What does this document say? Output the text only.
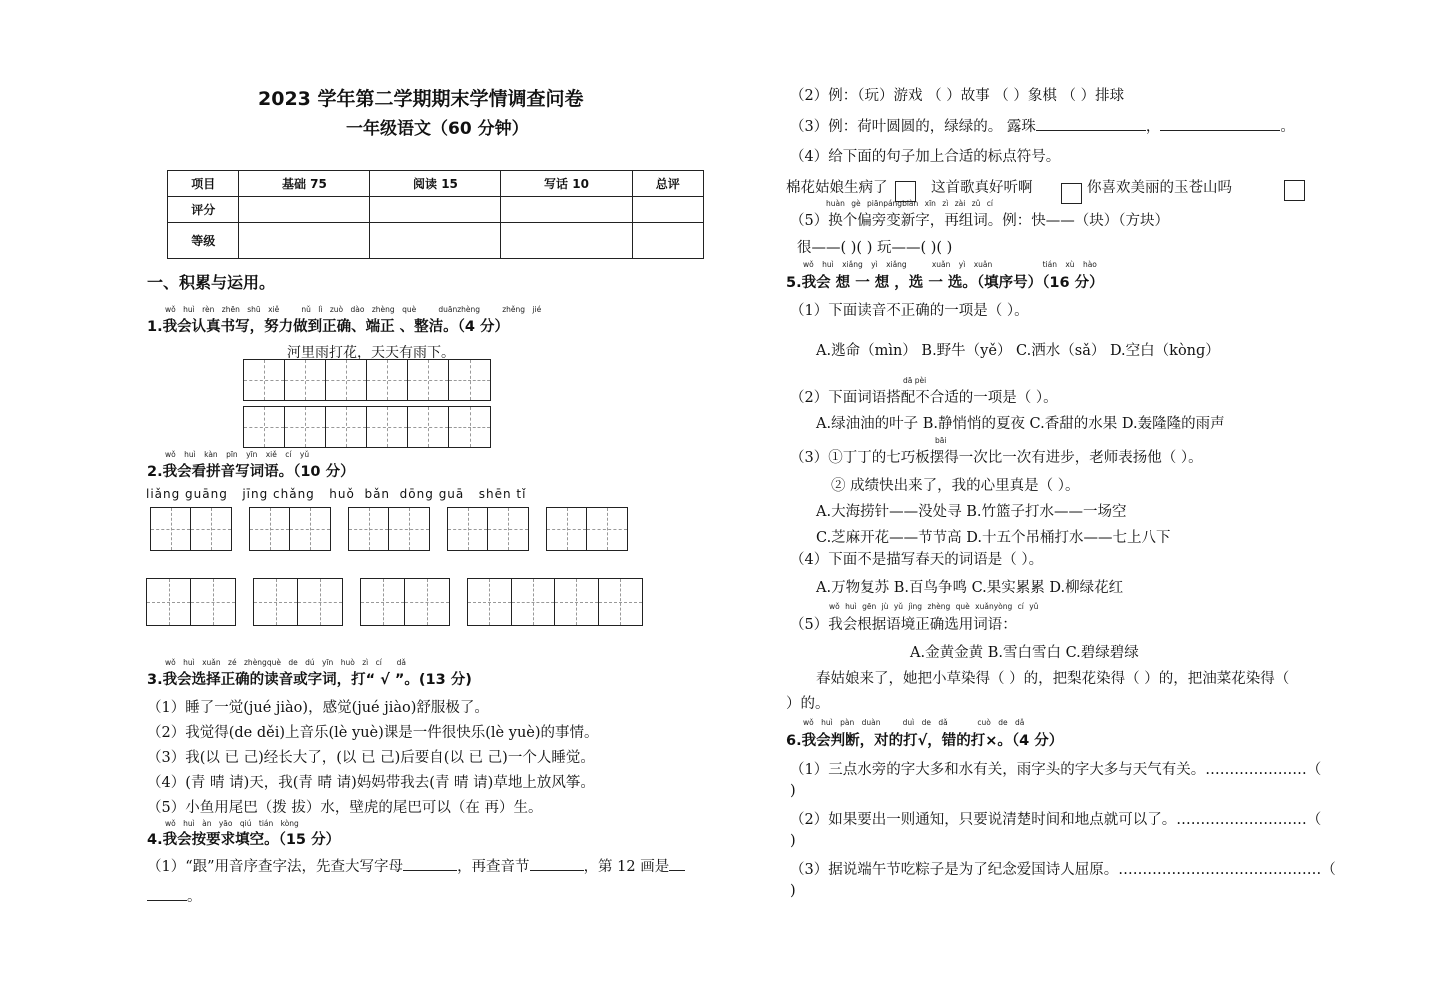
2023 学年第二学期期末学情调查问卷
一年级语文（60 分钟）
项目	基础 75	阅读 15	写话 10	总评
评分				
等级				
一、积累与运用。
wǒ huì rèn zhēn shū xiě	nǔ lì zuò dào zhèng què	duānzhèng	zhěng jié
1.我会认真书写，努力做到正确、端正 、整洁。（4 分）
河里雨打花，天天有雨下。
wǒ huì kàn pīn yīn xiě cí yǔ
2.我会看拼音写词语。（10 分）
liǎng guāng jīng chǎng huǒ bǎn dōng guā shēn tǐ
wǒ huì xuǎn zé zhèngquè de dú yīn huò zì cí dǎ
3.我会选择正确的读音或字词，打“ √ ”。(13 分)
（1）睡了一觉(jué jiào)，感觉(jué jiào)舒服极了。
（2）我觉得(de děi)上音乐(lè yuè)课是一件很快乐(lè yuè)的事情。
（3）我(以 已 己)经长大了，(以 已 己)后要自(以 已 己)一个人睡觉。
（4）(青 晴 请)天，我(青 晴 请)妈妈带我去(青 晴 请)草地上放风筝。
（5）小鱼用尾巴（拨 拔）水，壁虎的尾巴可以（在 再）生。
wǒ huì àn yāo qiú tián kòng
4.我会按要求填空。（15 分）
（1）“跟”用音序查字法，先查大写字母	，再查音节	，第 12 画是
。
（2）例：（玩）游戏 （ ）故事 （ ）象棋 （ ）排球
（3）例：荷叶圆圆的，绿绿的。 露珠	，	。
（4）给下面的句子加上合适的标点符号。
棉花姑娘生病了	这首歌真好听啊	你喜欢美丽的玉苍山吗
huàn gè piānpángbiàn xīn zì zài zǔ cí
（5）换个偏旁变新字，再组词。例：快——（块）（方块）
很——( )( ) 玩——( )( )
wǒ huì xiǎng yì xiǎng	xuǎn yì xuǎn	tián xù hào
5.我会 想 一 想 ，选 一 选。（填序号）（16 分）
（1）下面读音不正确的一项是（ ）。
A.逃命（mìn） B.野牛（yě） C.洒水（sǎ） D.空白（kònɡ）
dā pèi
（2）下面词语搭配不合适的一项是（ ）。
A.绿油油的叶子 B.静悄悄的夏夜 C.香甜的水果 D.轰隆隆的雨声
bāi
（3）①丁丁的七巧板摆得一次比一次有进步，老师表扬他（ ）。
② 成绩快出来了，我的心里真是（ ）。
A.大海捞针——没处寻 B.竹篮子打水——一场空
C.芝麻开花——节节高 D.十五个吊桶打水——七上八下
（4）下面不是描写春天的词语是（ ）。
A.万物复苏 B.百鸟争鸣 C.果实累累 D.柳绿花红
wǒ huì gēn jù yǔ jìng zhèng què xuǎnyòng cí yǔ
（5）我会根据语境正确选用词语：
A.金黄金黄 B.雪白雪白 C.碧绿碧绿
春姑娘来了，她把小草染得（ ）的，把梨花染得（ ）的，把油菜花染得（
）的。
wǒ huì pàn duàn	duì de dǎ	cuò de dǎ
6.我会判断，对的打√，错的打×。（4 分）
（1）三点水旁的字大多和水有关，雨字头的字大多与天气有关。…………………（
)
（2）如果要出一则通知，只要说清楚时间和地点就可以了。………………………（
)
（3）据说端午节吃粽子是为了纪念爱国诗人屈原。……………………………………（
)
